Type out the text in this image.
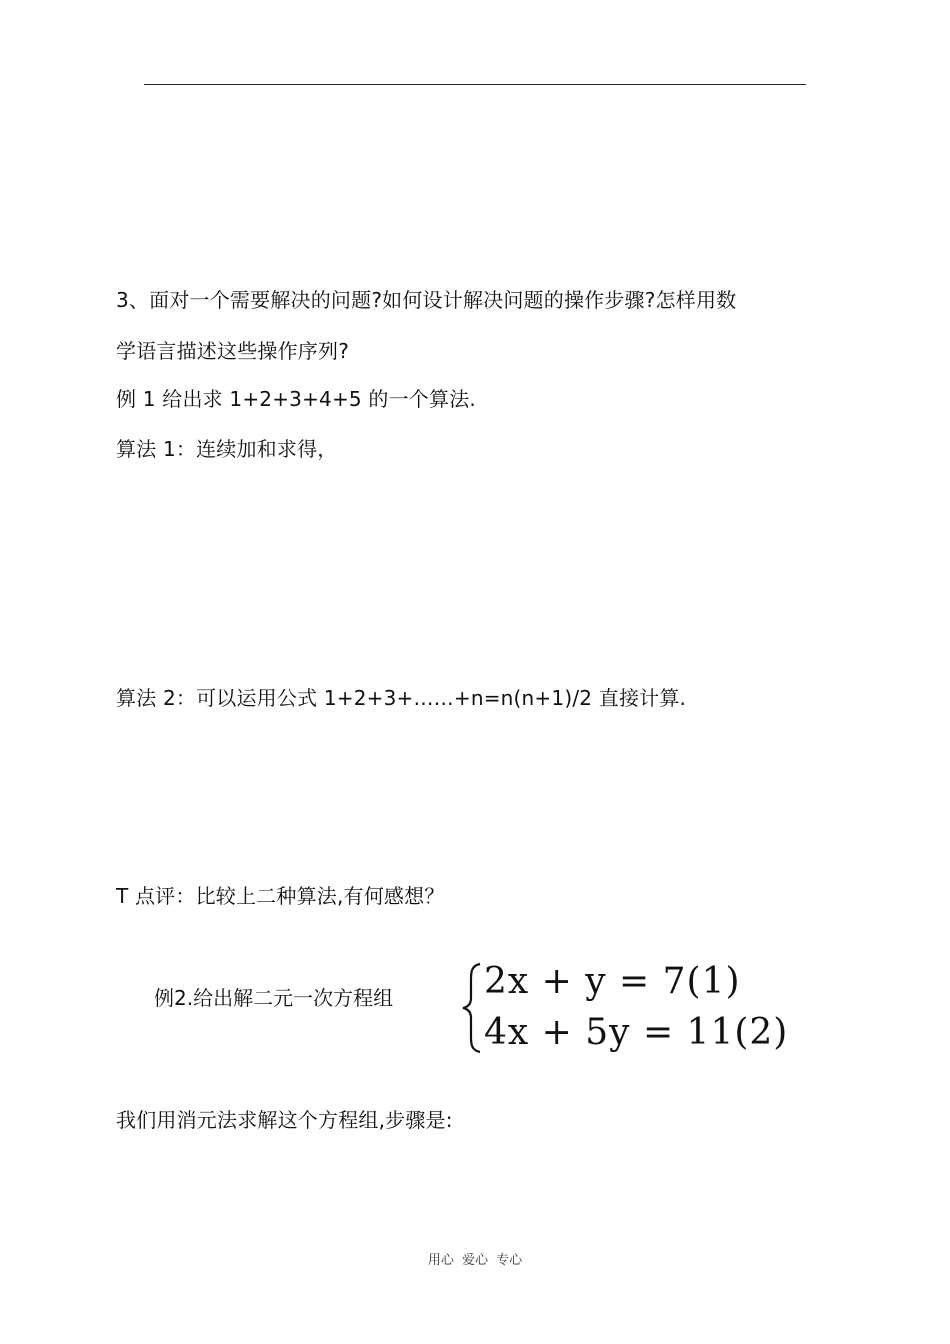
3、面对一个需要解决的问题?如何设计解决问题的操作步骤?怎样用数
学语言描述这些操作序列?
例 1 给出求 1+2+3+4+5 的一个算法.
算法 1：连续加和求得，
算法 2：可以运用公式 1+2+3+……+n=n(n+1)/2 直接计算.
T 点评：比较上二种算法,有何感想？
例2.给出解二元一次方程组	2x + y = 7(1)
4x + 5y = 11(2)
我们用消元法求解这个方程组,步骤是:
用心 爱心 专心
